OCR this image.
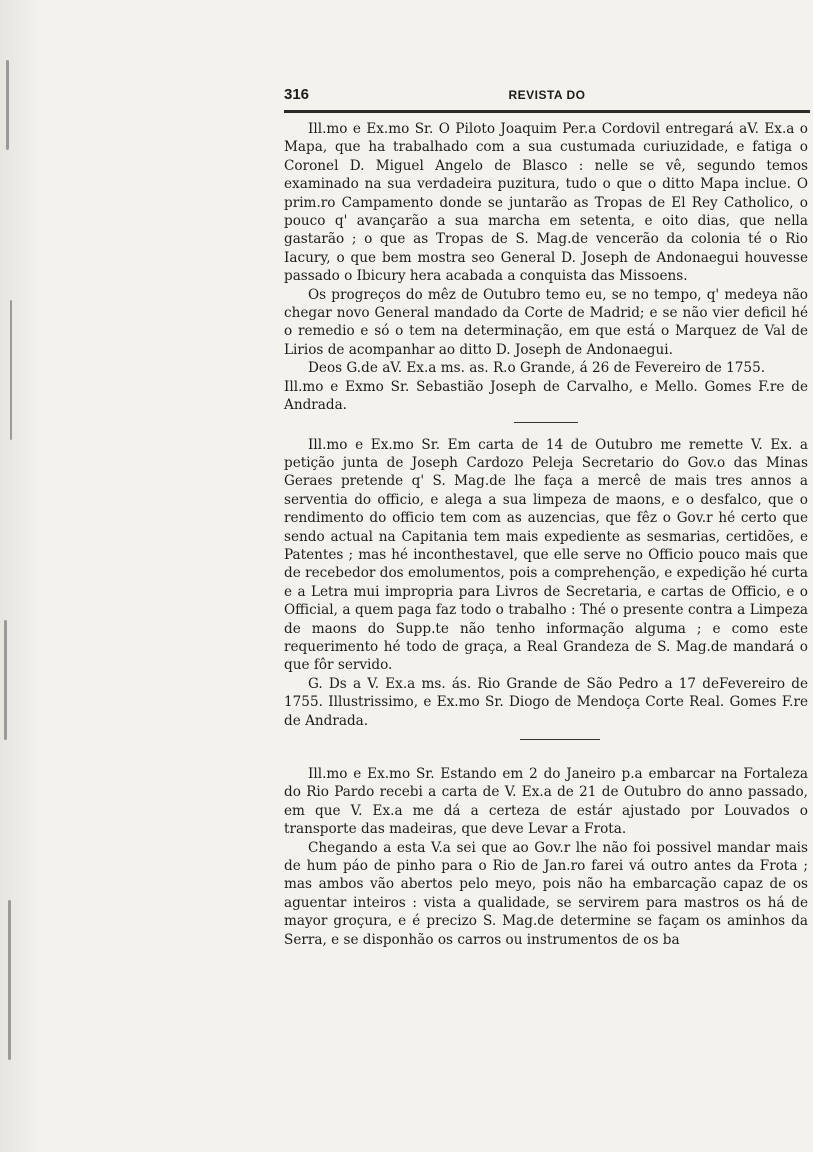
316	REVISTA DO

Ill.mo e Ex.mo Sr. O Piloto Joaquim Per.a Cordovil entregará aV. Ex.a o Mapa, que ha trabalhado com a sua custumada curiuzidade, e fatiga o Coronel D. Miguel Angelo de Blasco : nelle se vê, segundo temos examinado na sua verdadeira puzitura, tudo o que o ditto Mapa inclue. O prim.ro Campamento donde se juntarão as Tropas de El Rey Catholico, o pouco q' avançarão a sua marcha em setenta, e oito dias, que nella gastarão ; o que as Tropas de S. Mag.de vencerão da colonia té o Rio Iacury, o que bem mostra seo General D. Joseph de Andonaegui houvesse passado o Ibicury hera acabada a conquista das Missoens.

Os progreços do mêz de Outubro temo eu, se no tempo, q' medeya não chegar novo General mandado da Corte de Madrid; e se não vier deficil hé o remedio e só o tem na determinação, em que está o Marquez de Val de Lirios de acompanhar ao ditto D. Joseph de Andonaegui.

Deos G.de aV. Ex.a ms. as. R.o Grande, á 26 de Fevereiro de 1755.

Ill.mo e Exmo Sr. Sebastião Joseph de Carvalho, e Mello. Gomes F.re de Andrada.

Ill.mo e Ex.mo Sr. Em carta de 14 de Outubro me remette V. Ex. a petição junta de Joseph Cardozo Peleja Secretario do Gov.o das Minas Geraes pretende q' S. Mag.de lhe faça a mercê de mais tres annos a serventia do officio, e alega a sua limpeza de maons, e o desfalco, que o rendimento do officio tem com as auzencias, que fêz o Gov.r hé certo que sendo actual na Capitania tem mais expediente as sesmarias, certidões, e Patentes ; mas hé inconthestavel, que elle serve no Officio pouco mais que de recebedor dos emolumentos, pois a comprehenção, e expedição hé curta e a Letra mui impropria para Livros de Secretaria, e cartas de Officio, e o Official, a quem paga faz todo o trabalho : Thé o presente contra a Limpeza de maons do Supp.te não tenho informação alguma ; e como este requerimento hé todo de graça, a Real Grandeza de S. Mag.de mandará o que fôr servido.

G. Ds a V. Ex.a ms. ás. Rio Grande de São Pedro a 17 deFevereiro de 1755. Illustrissimo, e Ex.mo Sr. Diogo de Mendoça Corte Real. Gomes F.re de Andrada.

Ill.mo e Ex.mo Sr. Estando em 2 do Janeiro p.a embarcar na Fortaleza do Rio Pardo recebi a carta de V. Ex.a de 21 de Outubro do anno passado, em que V. Ex.a me dá a certeza de estár ajustado por Louvados o transporte das madeiras, que deve Levar a Frota.

Chegando a esta V.a sei que ao Gov.r lhe não foi possivel mandar mais de hum páo de pinho para o Rio de Jan.ro farei vá outro antes da Frota ; mas ambos vão abertos pelo meyo, pois não ha embarcação capaz de os aguentar inteiros : vista a qualidade, se servirem para mastros os há de mayor groçura, e é precizo S. Mag.de determine se façam os aminhos da Serra, e se disponhão os carros ou instrumentos de os ba
